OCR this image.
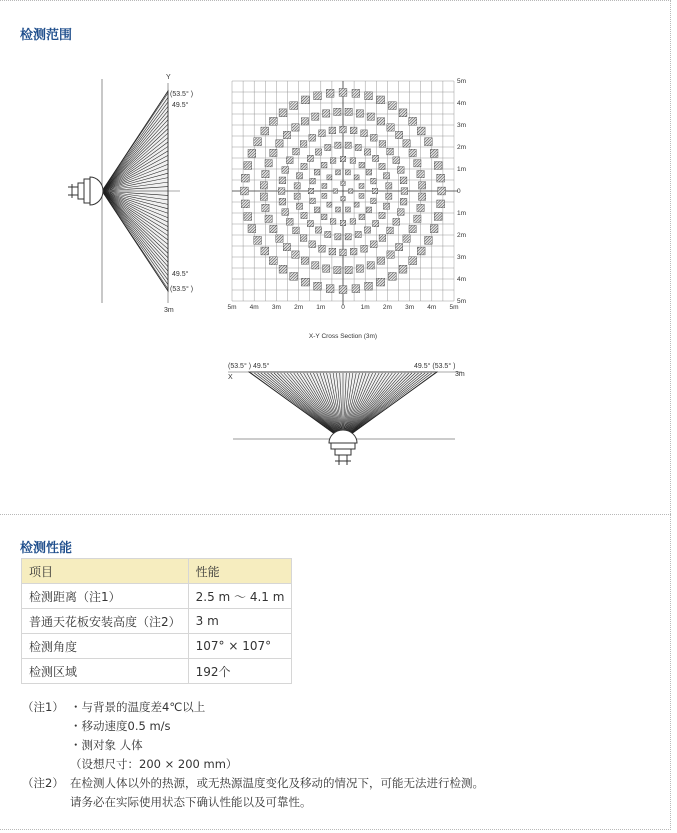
检测范围
Y
(53.5° )
49.5°
49.5°
(53.5° )
3m	5m 4m 3m 2m 1m 0 1m 2m 3m 4m 5m
5m
4m
3m
2m
1m
0
1m
2m
3m
4m
5m
X-Y Cross Section (3m)
(53.5° ) 49.5°	49.5° (53.5° )
X	3m
检测性能
项目	性能
检测距离（注1）	2.5 m ～ 4.1 m
普通天花板安装高度（注2）	3 m
检测角度	107° × 107°
检测区域	192个
（注1） ・与背景的温度差4℃以上
・移动速度0.5 m/s
・测对象 人体
（设想尺寸：200 × 200 mm）
（注2） 在检测人体以外的热源，或无热源温度变化及移动的情况下，可能无法进行检测。
请务必在实际使用状态下确认性能以及可靠性。
